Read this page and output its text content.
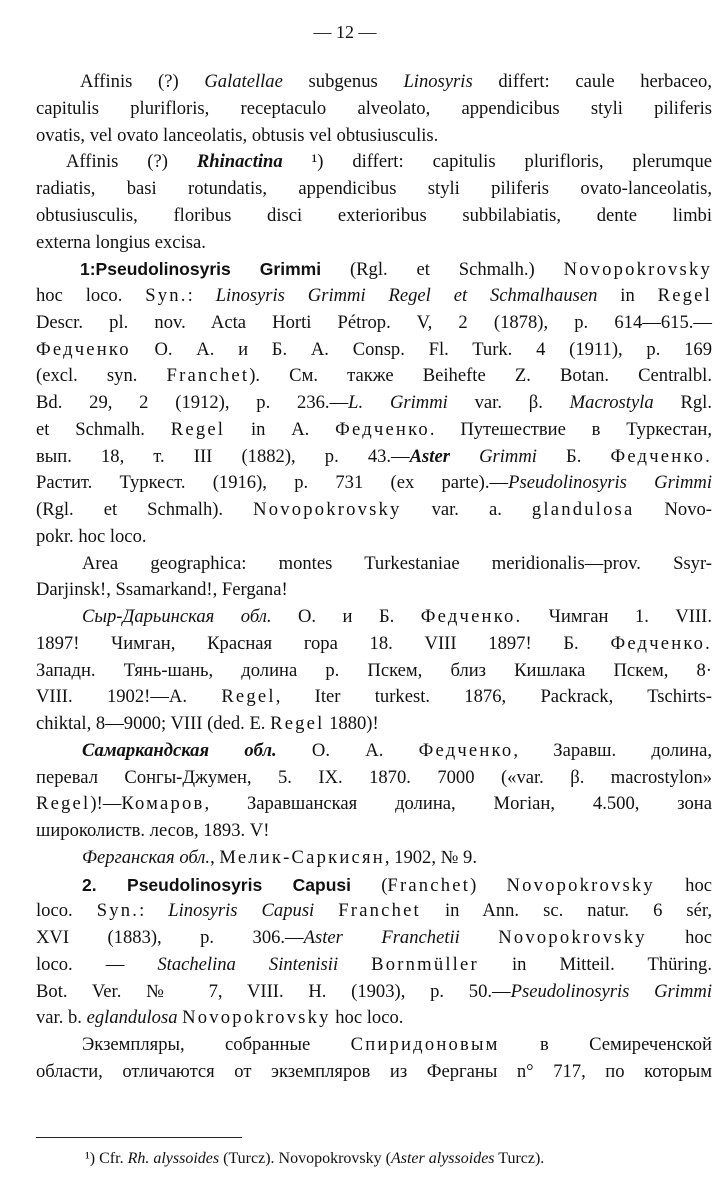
— 12 —
Affinis (?) Galatellae subgenus Linosyris differt: caule herbaceo,
capitulis plurifloris, receptaculo alveolato, appendicibus styli piliferis
ovatis, vel ovato lanceolatis, obtusis vel obtusiusculis.
Affinis (?) Rhinactina ¹) differt: capitulis plurifloris, plerumque
radiatis, basi rotundatis, appendicibus styli piliferis ovato-lanceolatis,
obtusiusculis, floribus disci exterioribus subbilabiatis, dente limbi
externa longius excisa.
1:Pseudolinosyris Grimmi (Rgl. et Schmalh.) Novopokrovsky
hoc loco. Syn.: Linosyris Grimmi Regel et Schmalhausen in Regel
Descr. pl. nov. Acta Horti Pétrop. V, 2 (1878), p. 614—615.—
Федченко О. А. и Б. А. Consp. Fl. Turk. 4 (1911), p. 169
(excl. syn. Franchet). См. также Beihefte Z. Botan. Centralbl.
Bd. 29, 2 (1912), p. 236.—L. Grimmi var. β. Macrostyla Rgl.
et Schmalh. Regel in А. Федченко. Путешествие в Туркестан,
вып. 18, т. III (1882), p. 43.—Aster Grimmi Б. Федченко.
Растит. Туркест. (1916), p. 731 (ex parte).—Pseudolinosyris Grimmi
(Rgl. et Schmalh). Novopokrovsky var. a. glandulosa Novo-
pokr. hoc loco.
Area geographica: montes Turkestaniae meridionalis—prov. Ssyr-
Darjinsk!, Ssamarkand!, Fergana!
Сыр-Дарьинская обл. О. и Б. Федченко. Чимган 1. VIII.
1897! Чимган, Красная гора 18. VIII 1897! Б. Федченко.
Западн. Тянь-шань, долина р. Пскем, близ Кишлака Пскем, 8·
VIII. 1902!—A. Regel, Iter turkest. 1876, Packrack, Tschirts-
chiktal, 8—9000; VIII (ded. E. Regel 1880)!
Самаркандская обл. О. А. Федченко, Заравш. долина,
перевал Сонгы-Джумен, 5. IX. 1870. 7000 («var. β. macrostylon»
Regel)!—Комаров, Заравшанская долина, Moгiан, 4.500, зона
широколиств. лесов, 1893. V!
Ферганская обл., Мелик-Саркисян, 1902, № 9.
2. Pseudolinosyris Capusi (Franchet) Novopokrovsky hoc
loco. Syn.: Linosyris Capusi Franchet in Ann. sc. natur. 6 sér,
XVI (1883), p. 306.—Aster Franchetii Novopokrovsky hoc
loco. — Stachelina Sintenisii Bornmüller in Mitteil. Thüring.
Bot. Ver. № 7, VIII. H. (1903), p. 50.—Pseudolinosyris Grimmi
var. b. eglandulosa Novopokrovsky hoc loco.
Экземпляры, собранные Спиридоновым в Семиреченской
области, отличаются от экземпляров из Ферганы n° 717, по которым
¹) Cfr. Rh. alyssoides (Turcz). Novopokrovsky (Aster alyssoides Turcz).
